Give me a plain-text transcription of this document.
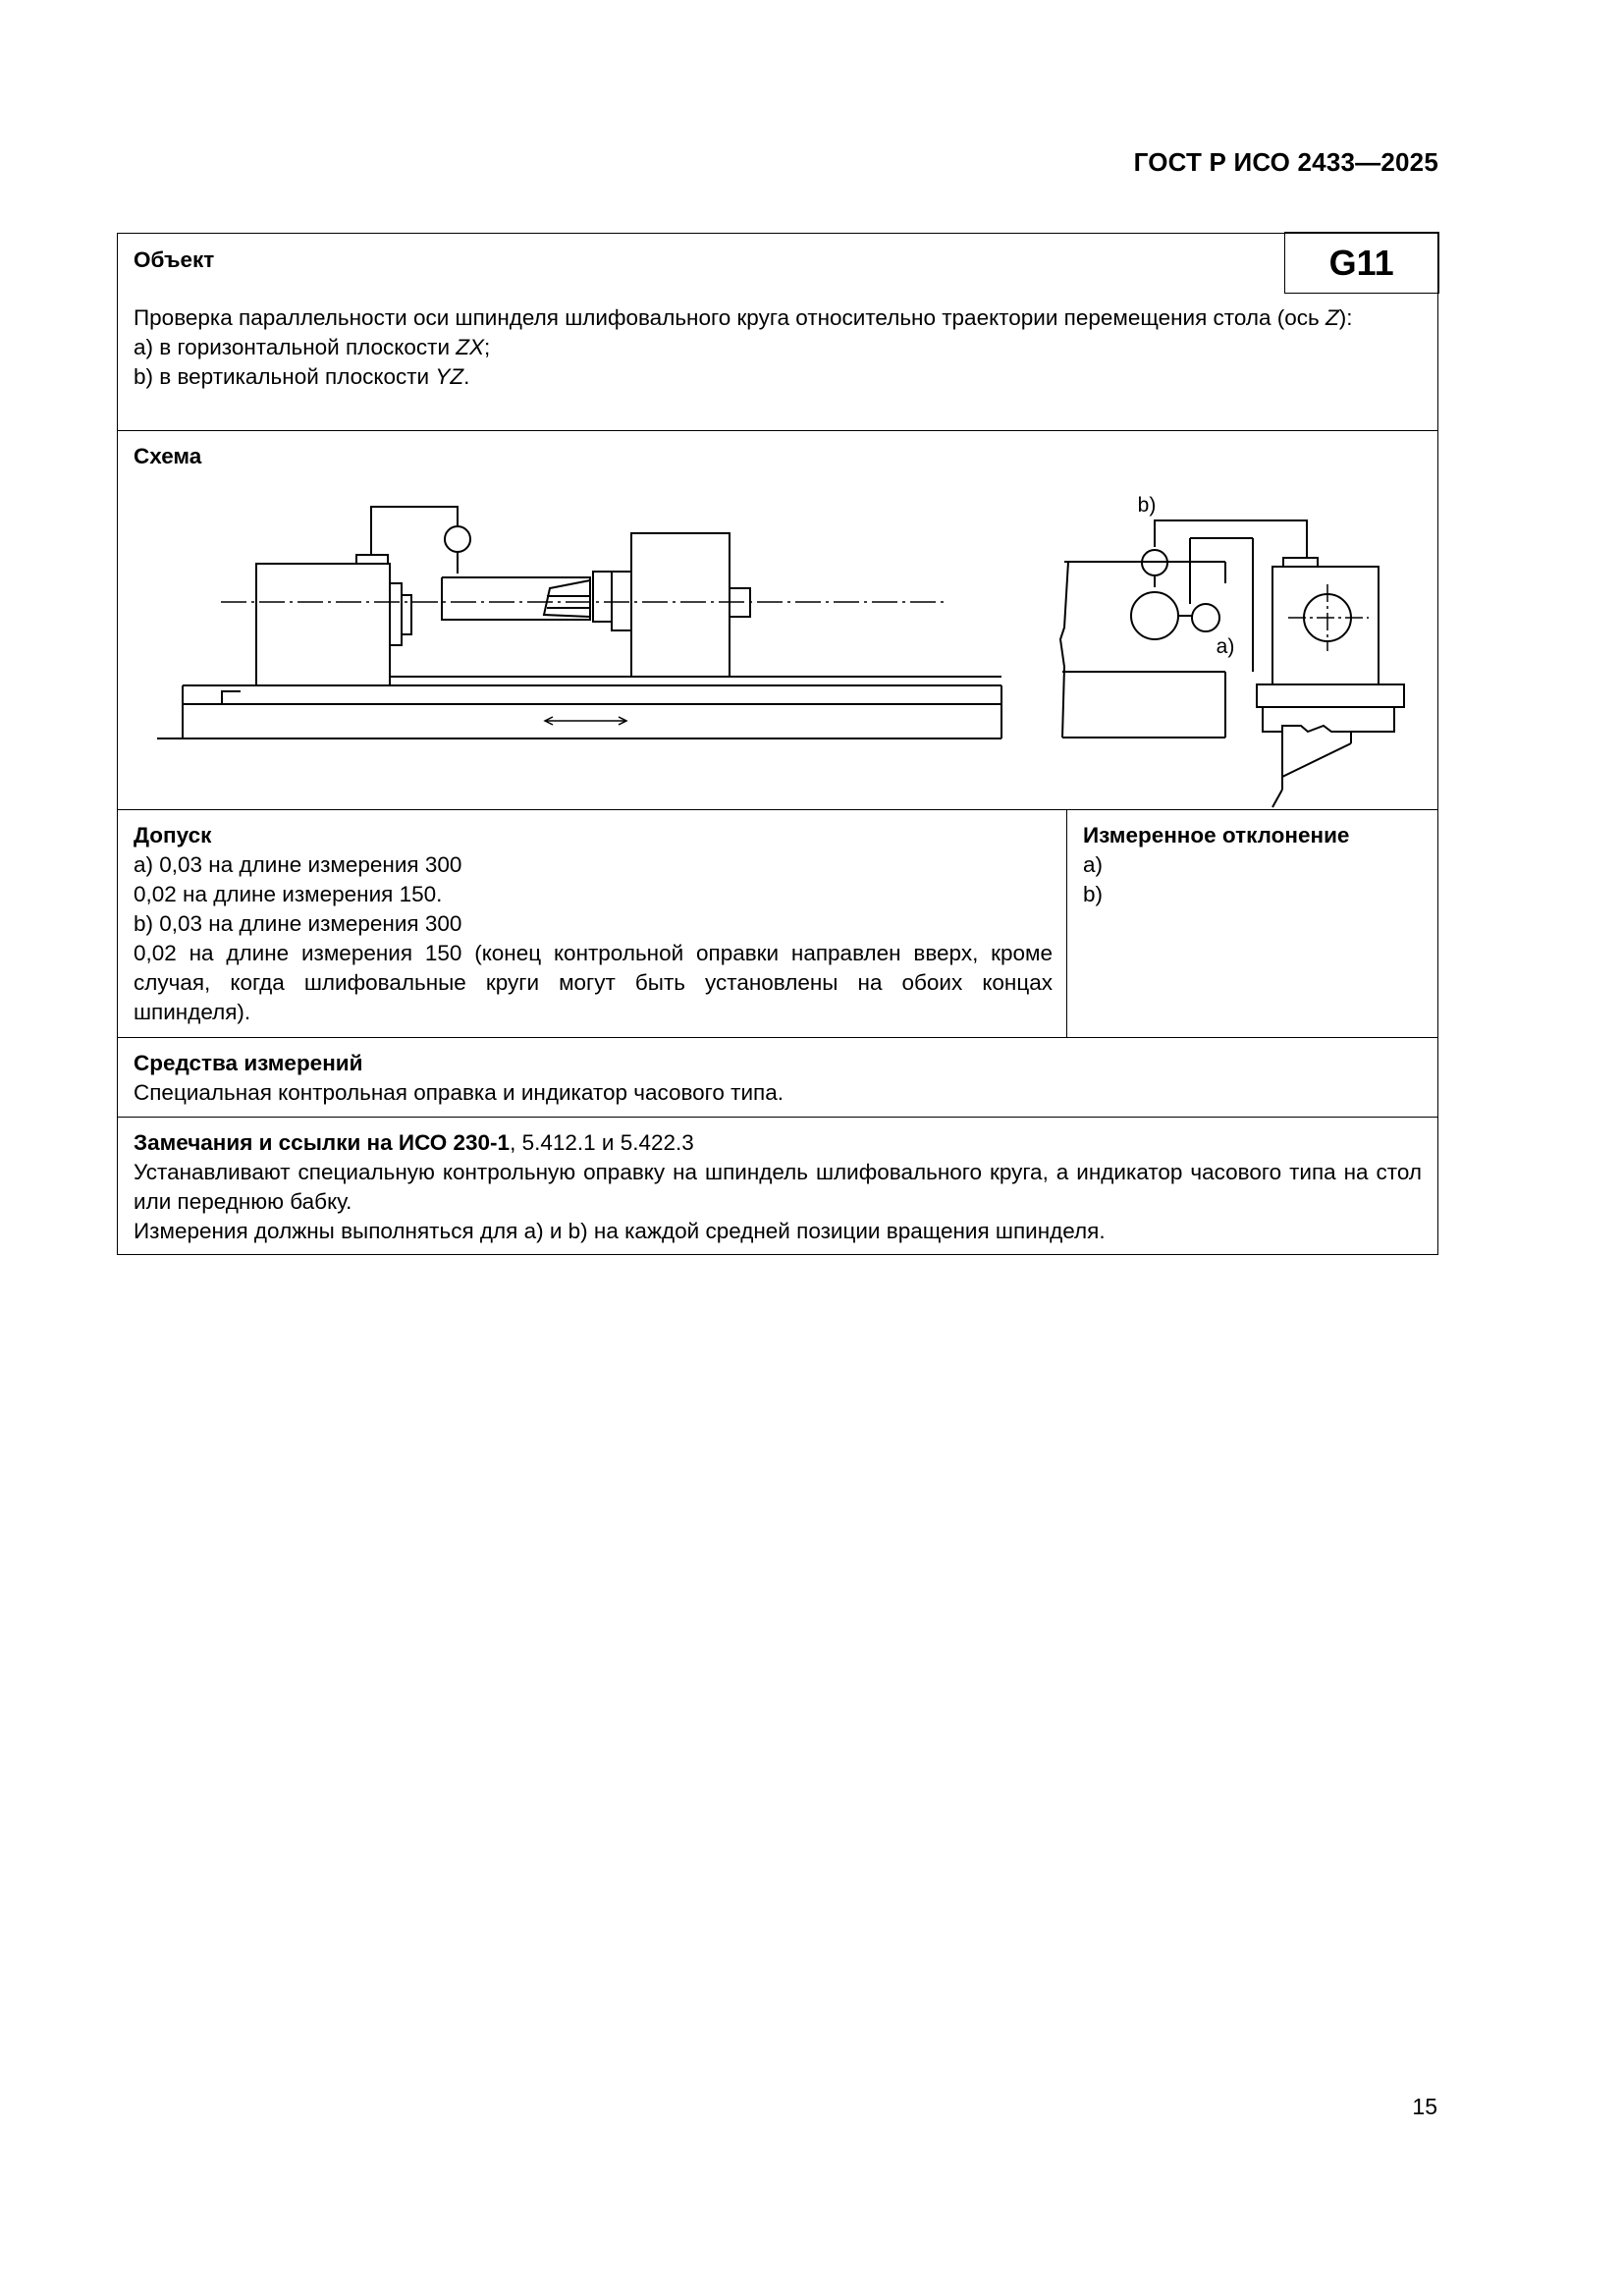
ГОСТ Р ИСО 2433—2025
Объект	G11
Проверка параллельности оси шпинделя шлифовального круга относительно траектории перемещения стола (ось Z):
a) в горизонтальной плоскости ZX;
b) в вертикальной плоскости YZ.
Схема
b)
a)
Допуск
a) 0,03 на длине измерения 300
0,02 на длине измерения 150.
b) 0,03 на длине измерения 300
0,02 на длине измерения 150 (конец контрольной оправки направлен вверх, кроме случая, когда шлифовальные круги могут быть установлены на обоих концах шпинделя).
Измеренное отклонение
a)
b)
Средства измерений
Специальная контрольная оправка и индикатор часового типа.
Замечания и ссылки на ИСО 230-1, 5.412.1 и 5.422.3
Устанавливают специальную контрольную оправку на шпиндель шлифовального круга, а индикатор часового типа на стол или переднюю бабку.
Измерения должны выполняться для a) и b) на каждой средней позиции вращения шпинделя.
15
